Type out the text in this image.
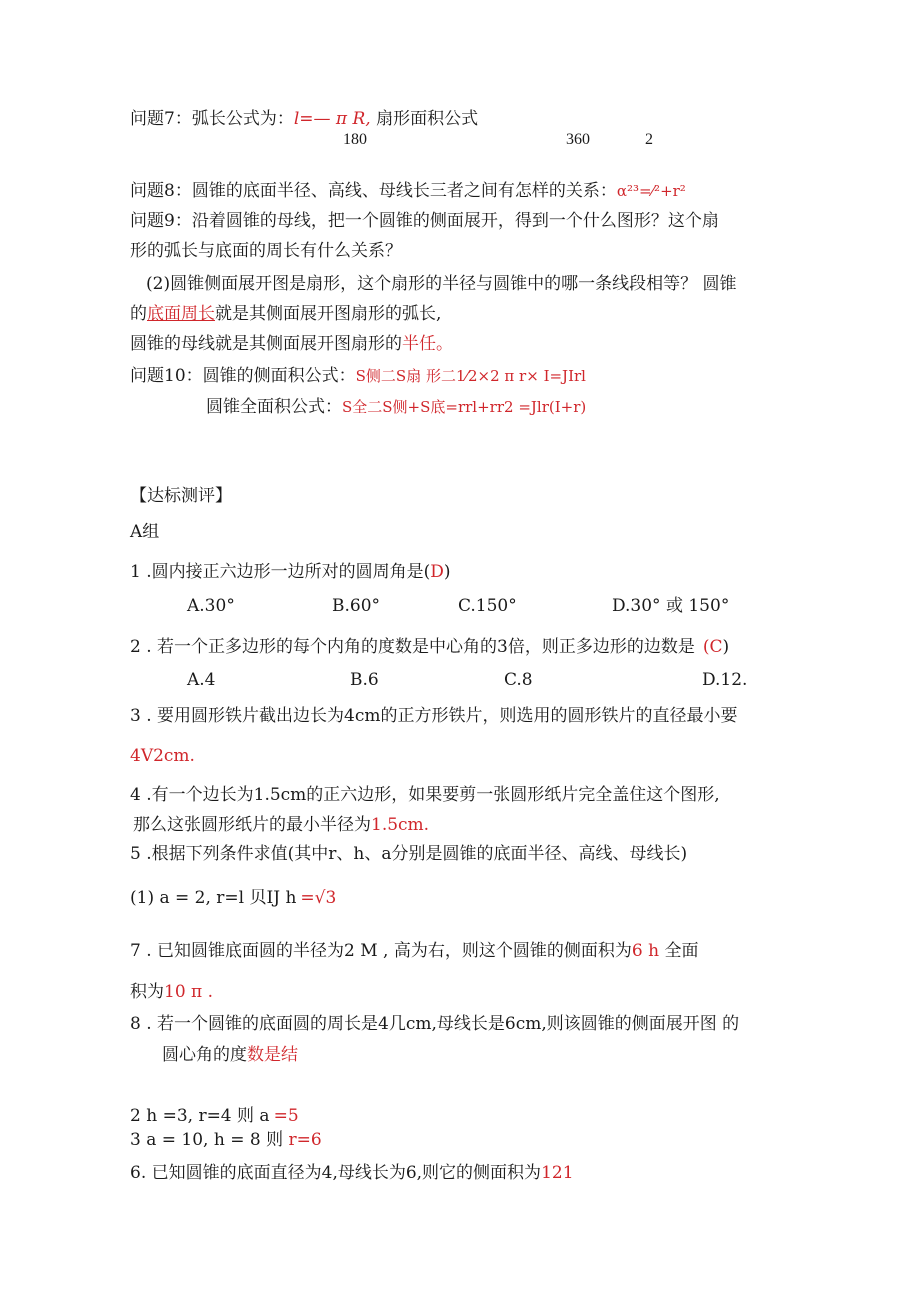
问题7：弧长公式为：l=— π R, 扇形面积公式
180	360	2
问题8：圆锥的底面半径、高线、母线长三者之间有怎样的关系：α²³=⁄²+r²
问题9：沿着圆锥的母线，把一个圆锥的侧面展开，得到一个什么图形？这个扇
形的弧长与底面的周长有什么关系？
(2)圆锥侧面展开图是扇形，这个扇形的半径与圆锥中的哪一条线段相等？ 圆锥
的底面周长就是其侧面展开图扇形的弧长,
圆锥的母线就是其侧面展开图扇形的半任。
问题10：圆锥的侧面积公式：S侧二S扇 形二1⁄2×2 π r× I=JIrl
圆锥全面积公式：S全二S侧+S底=rrl+rr2 =Jlr(I+r)
【达标测评】
A组
1 .圆内接正六边形一边所对的圆周角是(D)
A.30°	B.60°	C.150°	D.30° 或 150°
2 . 若一个正多边形的每个内角的度数是中心角的3倍，则正多边形的边数是 (C)
A.4	B.6	C.8	D.12.
3 . 要用圆形铁片截出边长为4cm的正方形铁片，则选用的圆形铁片的直径最小要
4V2cm.
4 .有一个边长为1.5cm的正六边形，如果要剪一张圆形纸片完全盖住这个图形,
那么这张圆形纸片的最小半径为1.5cm.
5 .根据下列条件求值(其中r、h、a分别是圆锥的底面半径、高线、母线长)
(1) a = 2, r=l 贝IJ h =√3
7 . 已知圆锥底面圆的半径为2 M , 高为右，则这个圆锥的侧面积为6 h 全面
积为10 π .
8 . 若一个圆锥的底面圆的周长是4几cm,母线长是6cm,则该圆锥的侧面展开图 的
圆心角的度数是结
2 h =3, r=4 则 a =5
3 a = 10, h = 8 则 r=6
6. 已知圆锥的底面直径为4,母线长为6,则它的侧面积为121
